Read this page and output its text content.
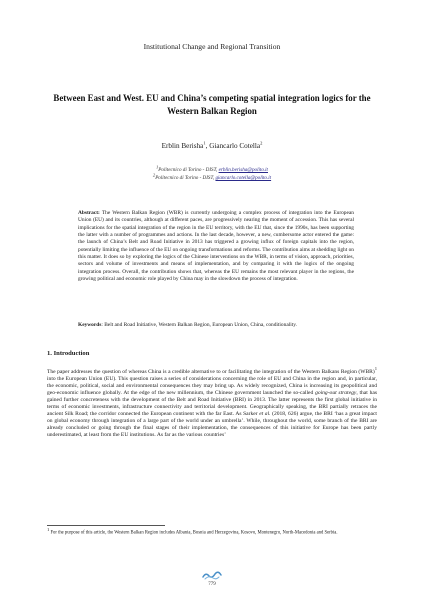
Institutional Change and Regional Transition
Between East and West. EU and China’s competing spatial integration logics for the Western Balkan Region
Erblin Berisha$^1$, Giancarlo Cotella$^2$
$^1$Politecnico di Torino - DIST, erblin.berisha@polito.it
$^2$Politecnico di Torino - DIST, giancarlo.cotella@polito.it

Abstract: The Western Balkan Region (WBR) is currently undergoing a complex process of integration into the European Union (EU) and its countries, although at different paces, are progressively nearing the moment of accession. This has several implications for the spatial integration of the region in the EU territory, with the EU that, since the 1990s, has been supporting the latter with a number of programmes and actions. In the last decade, however, a new, cumbersome actor entered the game: the launch of China’s Belt and Road Initiative in 2013 has triggered a growing influx of foreign capitals into the region, potentially limiting the influence of the EU on ongoing transformations and reforms. The contribution aims at shedding light on this matter. It does so by exploring the logics of the Chinese interventions on the WBR, in terms of vision, approach, priorities, sectors and volume of investments and means of implementation, and by comparing it with the logics of the ongoing integration process. Overall, the contribution shows that, whereas the EU remains the most relevant player in the regions, the growing political and economic role played by China may in the slowdown the process of integration.

Keywords: Belt and Road Initiative, Western Balkan Region, European Union, China, conditionality.

1. Introduction

The paper addresses the question of whereas China is a credible alternative to or facilitating the integration of the Western Balkans Region (WBR)$^1$ into the European Union (EU). This question raises a series of considerations concerning the role of EU and China in the region and, in particular, the economic, political, social and environmental consequences they may bring up. As widely recognized, China is increasing its geopolitical and geo-economic influence globally. At the edge of the new millennium, the Chinese government launched the so-called going-out strategy, that has gained further concreteness with the development of the Belt and Road Initiative (BRI) in 2013. The latter represents the first global initiative in terms of economic investments, infrastructure connectivity and territorial development. Geographically speaking, the BRI partially retraces the ancient Silk Road; the corridor connected the European continent with the far East. As Sarker et al. (2018, 626) argue, the BRI ‘has a great impact on global economy through integration of a large part of the world under an umbrella’. While, throughout the world, some branch of the BRI are already concluded or going through the final stages of their implementation, the consequences of this initiative for Europe has been partly underestimated, at least from the EU institutions. As far as the various countries’

$^1$ For the purpose of this article, the Western Balkan Region includes Albania, Bosnia and Herzegovina, Kosovo, Montenegro, North-Macedonia and Serbia.

779
